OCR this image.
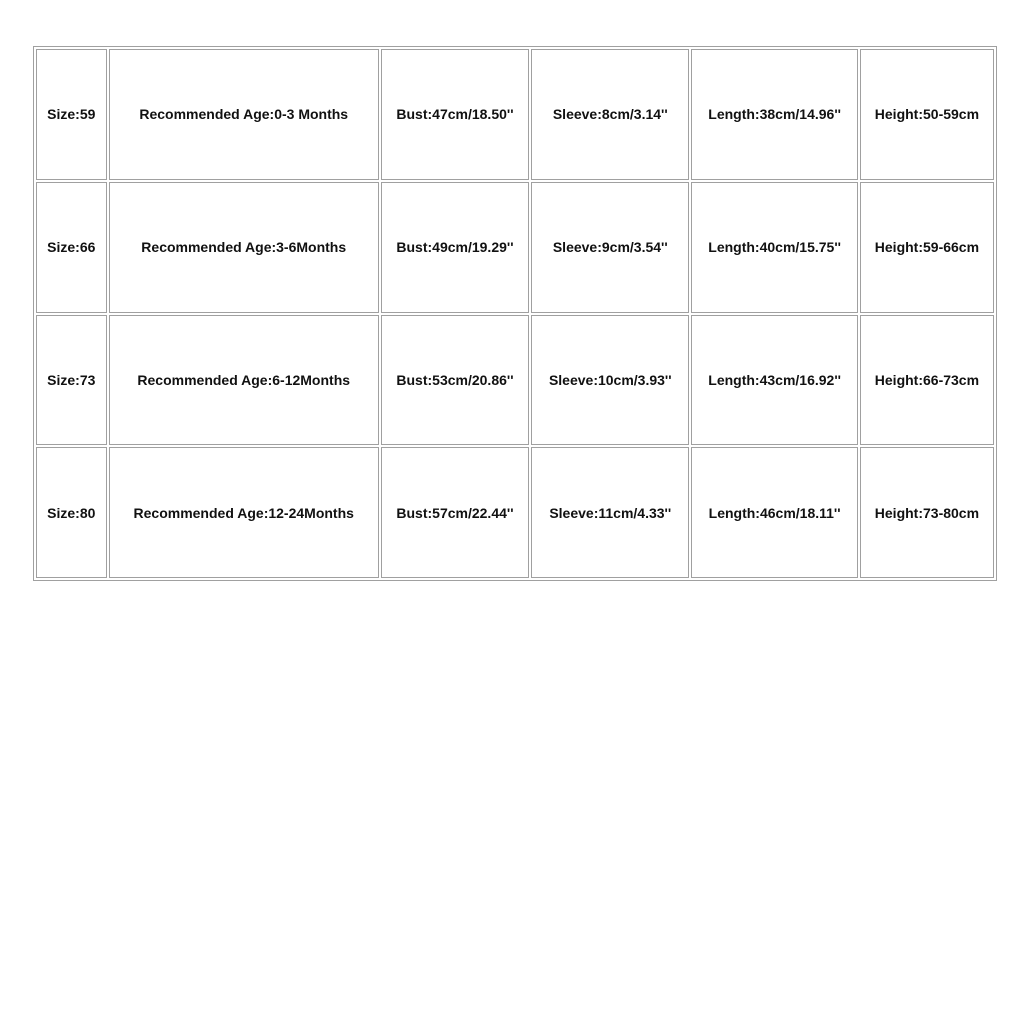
Size:59	Recommended Age:0-3 Months	Bust:47cm/18.50''	Sleeve:8cm/3.14''	Length:38cm/14.96''	Height:50-59cm
Size:66	Recommended Age:3-6Months	Bust:49cm/19.29''	Sleeve:9cm/3.54''	Length:40cm/15.75''	Height:59-66cm
Size:73	Recommended Age:6-12Months	Bust:53cm/20.86''	Sleeve:10cm/3.93''	Length:43cm/16.92''	Height:66-73cm
Size:80	Recommended Age:12-24Months	Bust:57cm/22.44''	Sleeve:11cm/4.33''	Length:46cm/18.11''	Height:73-80cm
